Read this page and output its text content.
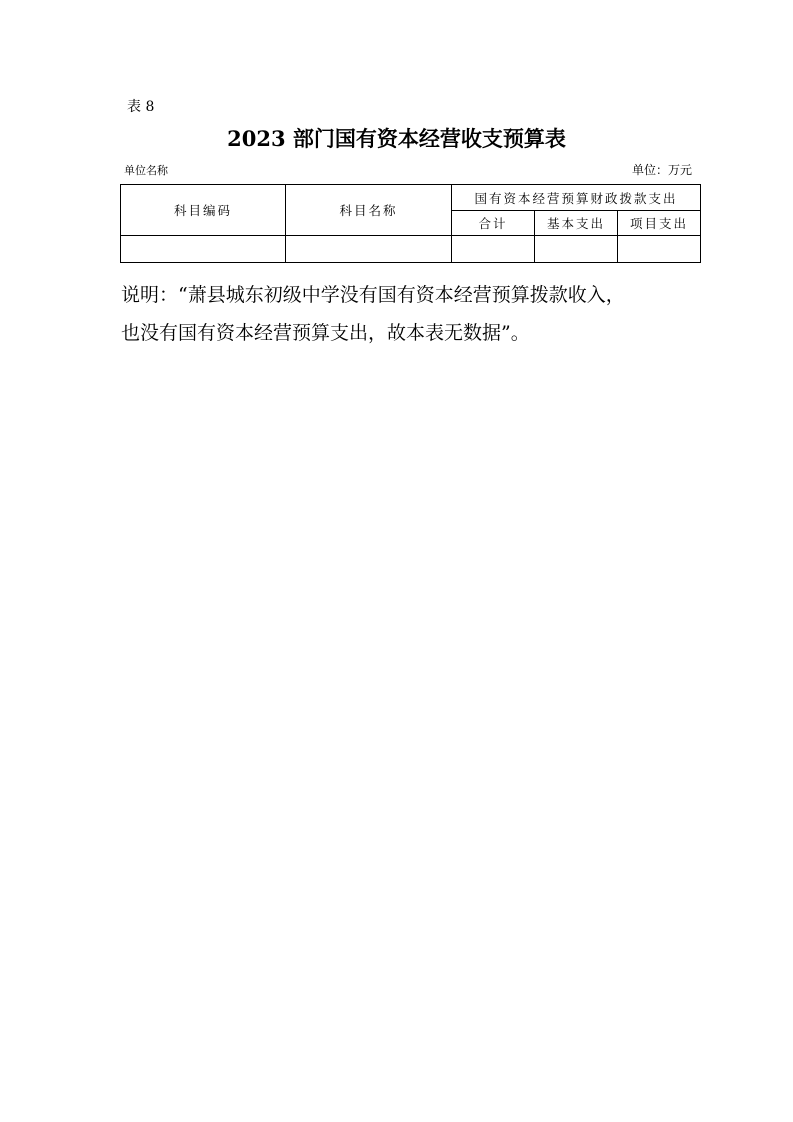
表 8
2023 部门国有资本经营收支预算表
单位名称	单位：万元
科目编码	科目名称	国有资本经营预算财政拨款支出		
		合计	基本支出	项目支出

说明：“萧县城东初级中学没有国有资本经营预算拨款收入，
也没有国有资本经营预算支出，故本表无数据”。
